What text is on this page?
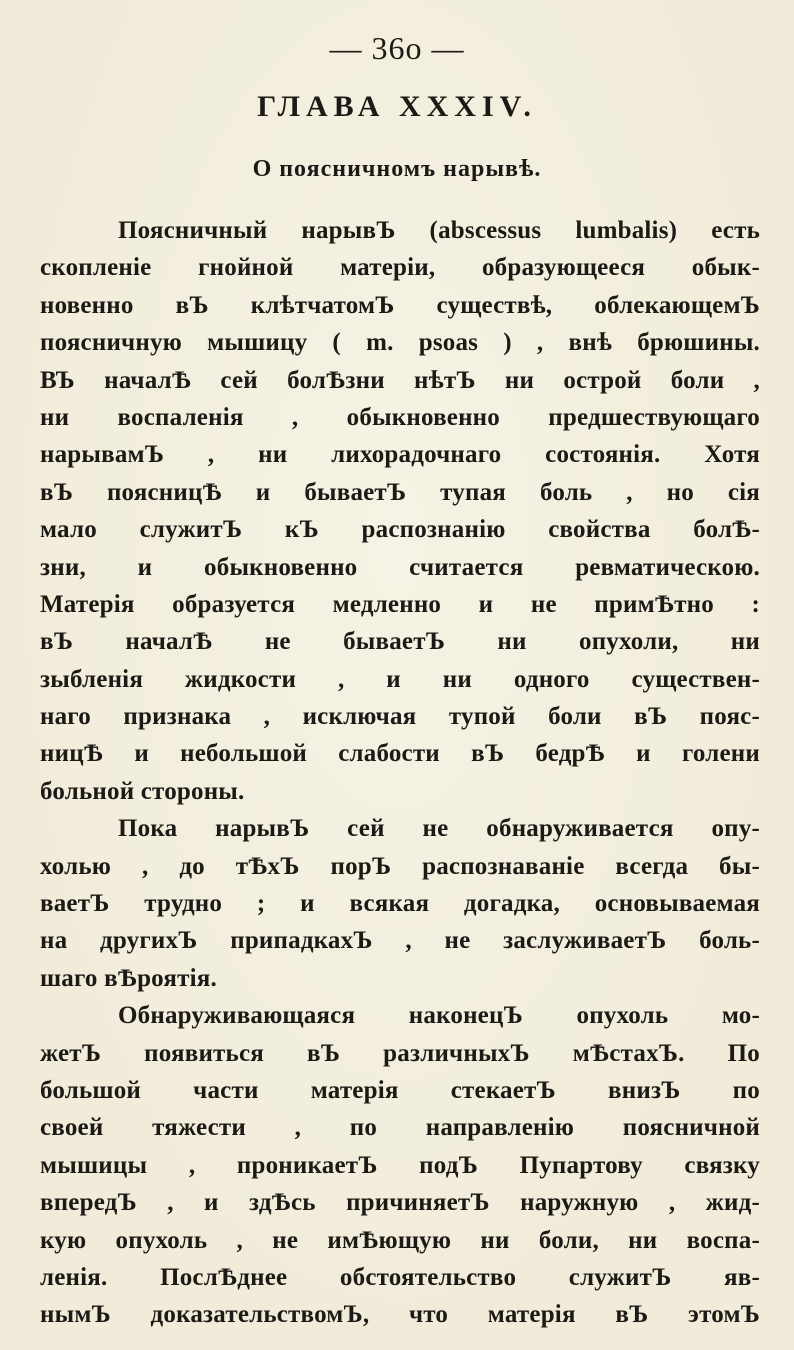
— 36о —
ГЛАВА XXXIV.
О поясничномъ нарывѣ.
Поясничный нарывЪ (abscessus lumbalis) есть
скопленіе гнойной матеріи, образующееся обык-
новенно вЪ клѣтчатомЪ существѣ, облекающемЪ
поясничную мышицу ( m. psoas ) , внѣ брюшины.
ВЪ началѢ сей болѢзни нѣтЪ ни острой боли ,
ни воспаленія , обыкновенно предшествующаго
нарывамЪ , ни лихорадочнаго состоянія. Хотя
вЪ поясницѢ и бываетЪ тупая боль , но сія
мало служитЪ кЪ распознанію свойства болѢ-
зни, и обыкновенно считается ревматическою.
Матерія образуется медленно и не примѢтно :
вЪ началѢ не бываетЪ ни опухоли, ни
зыбленія жидкости , и ни одного существен-
наго признака , исключая тупой боли вЪ пояс-
ницѢ и небольшой слабости вЪ бедрѢ и голени
больной стороны.
Пока нарывЪ сей не обнаруживается опу-
холью , до тѢхЪ порЪ распознаваніе всегда бы-
ваетЪ трудно ; и всякая догадка, основываемая
на другихЪ припадкахЪ , не заслуживаетЪ боль-
шаго вѢроятія.
Обнаруживающаяся наконецЪ опухоль мо-
жетЪ появиться вЪ различныхЪ мѢстахЪ. По
большой части матерія стекаетЪ внизЪ по
своей тяжести , по направленію поясничной
мышицы , проникаетЪ подЪ Пупартову связку
впередЪ , и здѢсь причиняетЪ наружную , жид-
кую опухоль , не имѢющую ни боли, ни воспа-
ленія. ПослѢднее обстоятельство служитЪ яв-
нымЪ доказательствомЪ, что матерія вЪ этомЪ
